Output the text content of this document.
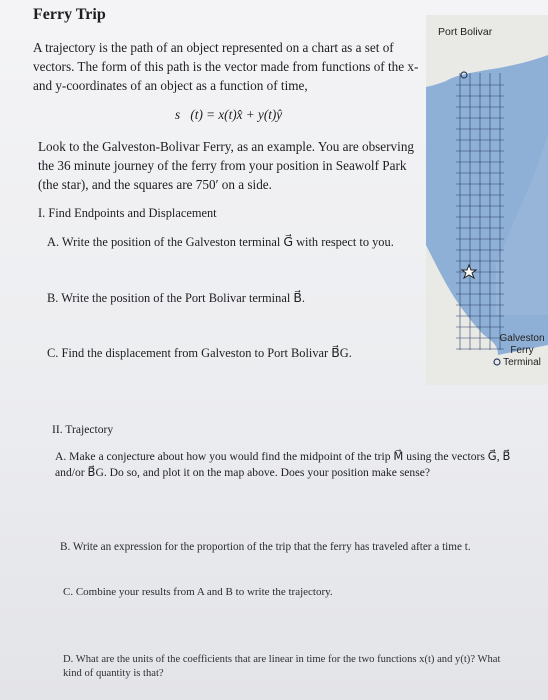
Ferry Trip
A trajectory is the path of an object represented on a chart as a set of vectors. The form of this path is the vector made from functions of the x- and y-coordinates of an object as a function of time,
s⃗(t) = x(t)x̂ + y(t)ŷ
Look to the Galveston-Bolivar Ferry, as an example. You are observing the 36 minute journey of the ferry from your position in Seawolf Park (the star), and the squares are 750′ on a side.
I. Find Endpoints and Displacement
A. Write the position of the Galveston terminal G⃗ with respect to you.
B. Write the position of the Port Bolivar terminal B⃗.
C. Find the displacement from Galveston to Port Bolivar B⃗G.
II. Trajectory
A. Make a conjecture about how you would find the midpoint of the trip M⃗ using the vectors G⃗, B⃗ and/or B⃗G. Do so, and plot it on the map above. Does your position make sense?
B. Write an expression for the proportion of the trip that the ferry has traveled after a time t.
C. Combine your results from A and B to write the trajectory.
D. What are the units of the coefficients that are linear in time for the two functions x(t) and y(t)? What kind of quantity is that?
Port Bolivar
Galveston Ferry Terminal
